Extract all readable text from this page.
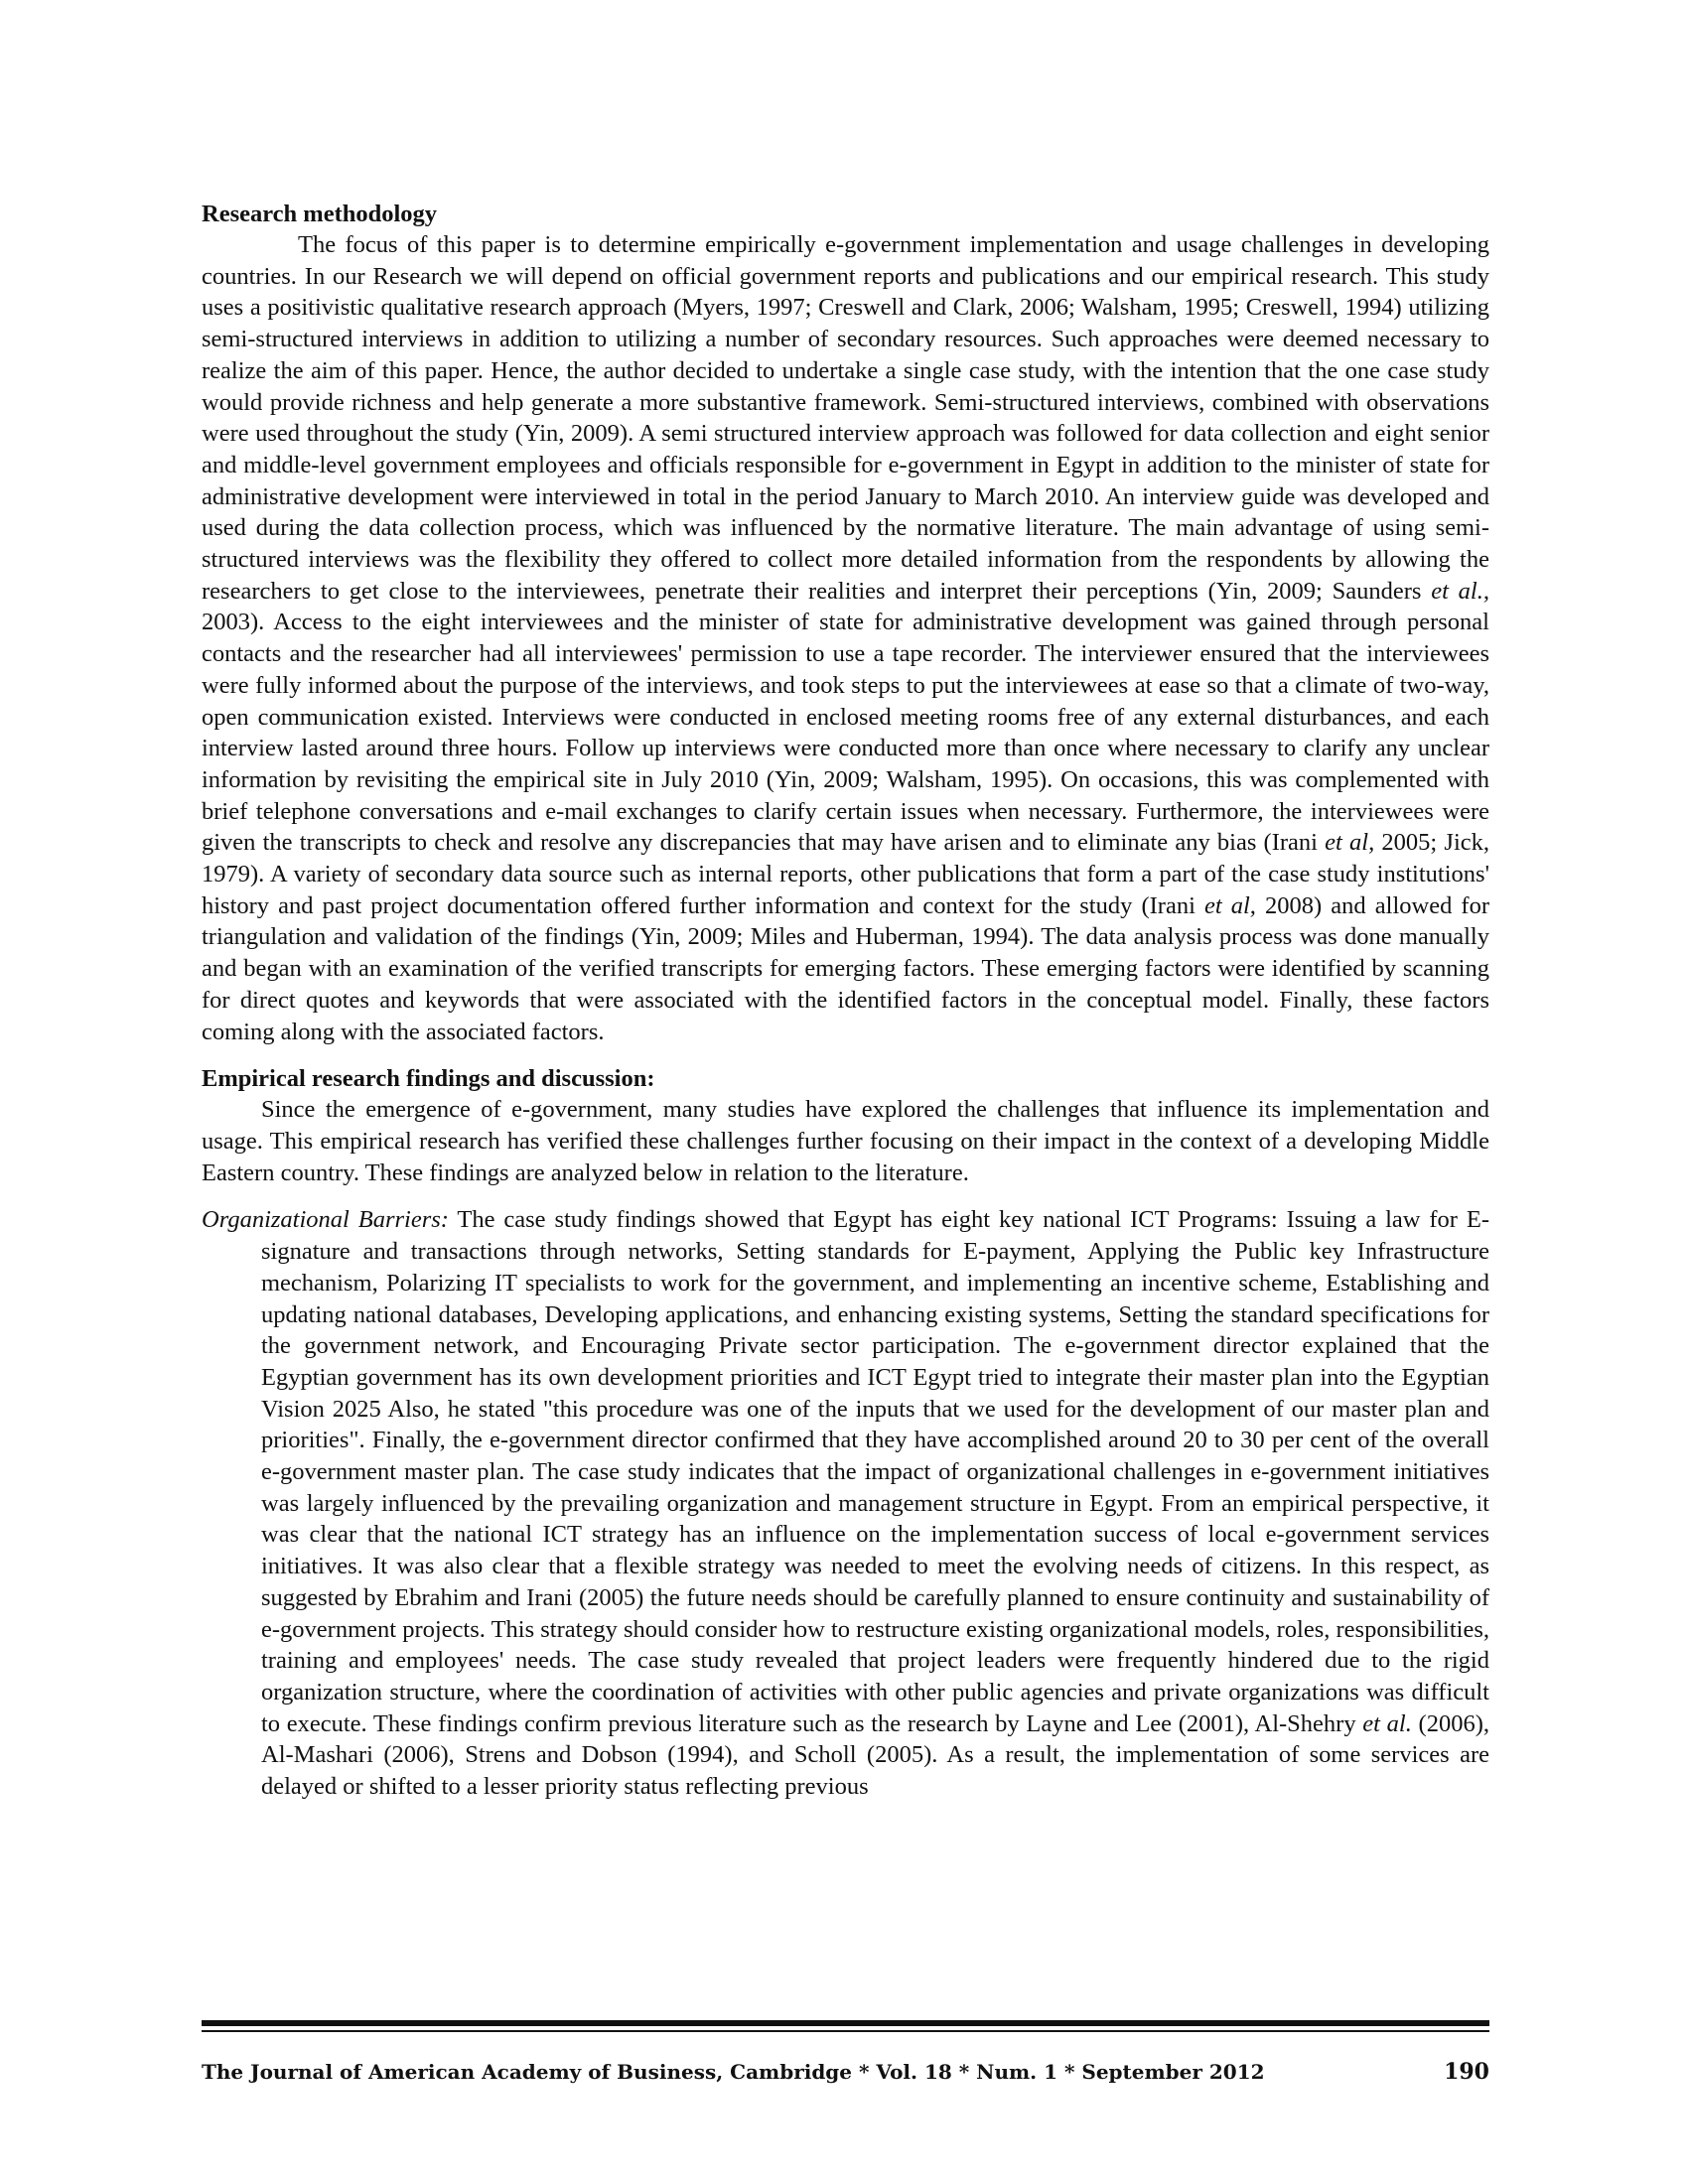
Research methodology

The focus of this paper is to determine empirically e-government implementation and usage challenges in developing countries. In our Research we will depend on official government reports and publications and our empirical research. This study uses a positivistic qualitative research approach (Myers, 1997; Creswell and Clark, 2006; Walsham, 1995; Creswell, 1994) utilizing semi-structured interviews in addition to utilizing a number of secondary resources. Such approaches were deemed necessary to realize the aim of this paper. Hence, the author decided to undertake a single case study, with the intention that the one case study would provide richness and help generate a more substantive framework. Semi-structured interviews, combined with observations were used throughout the study (Yin, 2009). A semi structured interview approach was followed for data collection and eight senior and middle-level government employees and officials responsible for e-government in Egypt in addition to the minister of state for administrative development were interviewed in total in the period January to March 2010. An interview guide was developed and used during the data collection process, which was influenced by the normative literature. The main advantage of using semi-structured interviews was the flexibility they offered to collect more detailed information from the respondents by allowing the researchers to get close to the interviewees, penetrate their realities and interpret their perceptions (Yin, 2009; Saunders et al., 2003). Access to the eight interviewees and the minister of state for administrative development was gained through personal contacts and the researcher had all interviewees' permission to use a tape recorder. The interviewer ensured that the interviewees were fully informed about the purpose of the interviews, and took steps to put the interviewees at ease so that a climate of two-way, open communication existed. Interviews were conducted in enclosed meeting rooms free of any external disturbances, and each interview lasted around three hours. Follow up interviews were conducted more than once where necessary to clarify any unclear information by revisiting the empirical site in July 2010 (Yin, 2009; Walsham, 1995). On occasions, this was complemented with brief telephone conversations and e-mail exchanges to clarify certain issues when necessary. Furthermore, the interviewees were given the transcripts to check and resolve any discrepancies that may have arisen and to eliminate any bias (Irani et al, 2005; Jick, 1979). A variety of secondary data source such as internal reports, other publications that form a part of the case study institutions' history and past project documentation offered further information and context for the study (Irani et al, 2008) and allowed for triangulation and validation of the findings (Yin, 2009; Miles and Huberman, 1994). The data analysis process was done manually and began with an examination of the verified transcripts for emerging factors. These emerging factors were identified by scanning for direct quotes and keywords that were associated with the identified factors in the conceptual model. Finally, these factors coming along with the associated factors.

Empirical research findings and discussion:

Since the emergence of e-government, many studies have explored the challenges that influence its implementation and usage. This empirical research has verified these challenges further focusing on their impact in the context of a developing Middle Eastern country. These findings are analyzed below in relation to the literature.

Organizational Barriers: The case study findings showed that Egypt has eight key national ICT Programs: Issuing a law for E-signature and transactions through networks, Setting standards for E-payment, Applying the Public key Infrastructure mechanism, Polarizing IT specialists to work for the government, and implementing an incentive scheme, Establishing and updating national databases, Developing applications, and enhancing existing systems, Setting the standard specifications for the government network, and Encouraging Private sector participation. The e-government director explained that the Egyptian government has its own development priorities and ICT Egypt tried to integrate their master plan into the Egyptian Vision 2025 Also, he stated "this procedure was one of the inputs that we used for the development of our master plan and priorities". Finally, the e-government director confirmed that they have accomplished around 20 to 30 per cent of the overall e-government master plan. The case study indicates that the impact of organizational challenges in e-government initiatives was largely influenced by the prevailing organization and management structure in Egypt. From an empirical perspective, it was clear that the national ICT strategy has an influence on the implementation success of local e-government services initiatives. It was also clear that a flexible strategy was needed to meet the evolving needs of citizens. In this respect, as suggested by Ebrahim and Irani (2005) the future needs should be carefully planned to ensure continuity and sustainability of e-government projects. This strategy should consider how to restructure existing organizational models, roles, responsibilities, training and employees' needs. The case study revealed that project leaders were frequently hindered due to the rigid organization structure, where the coordination of activities with other public agencies and private organizations was difficult to execute. These findings confirm previous literature such as the research by Layne and Lee (2001), Al-Shehry et al. (2006), Al-Mashari (2006), Strens and Dobson (1994), and Scholl (2005). As a result, the implementation of some services are delayed or shifted to a lesser priority status reflecting previous

The Journal of American Academy of Business, Cambridge * Vol. 18 * Num. 1 * September 2012	190
